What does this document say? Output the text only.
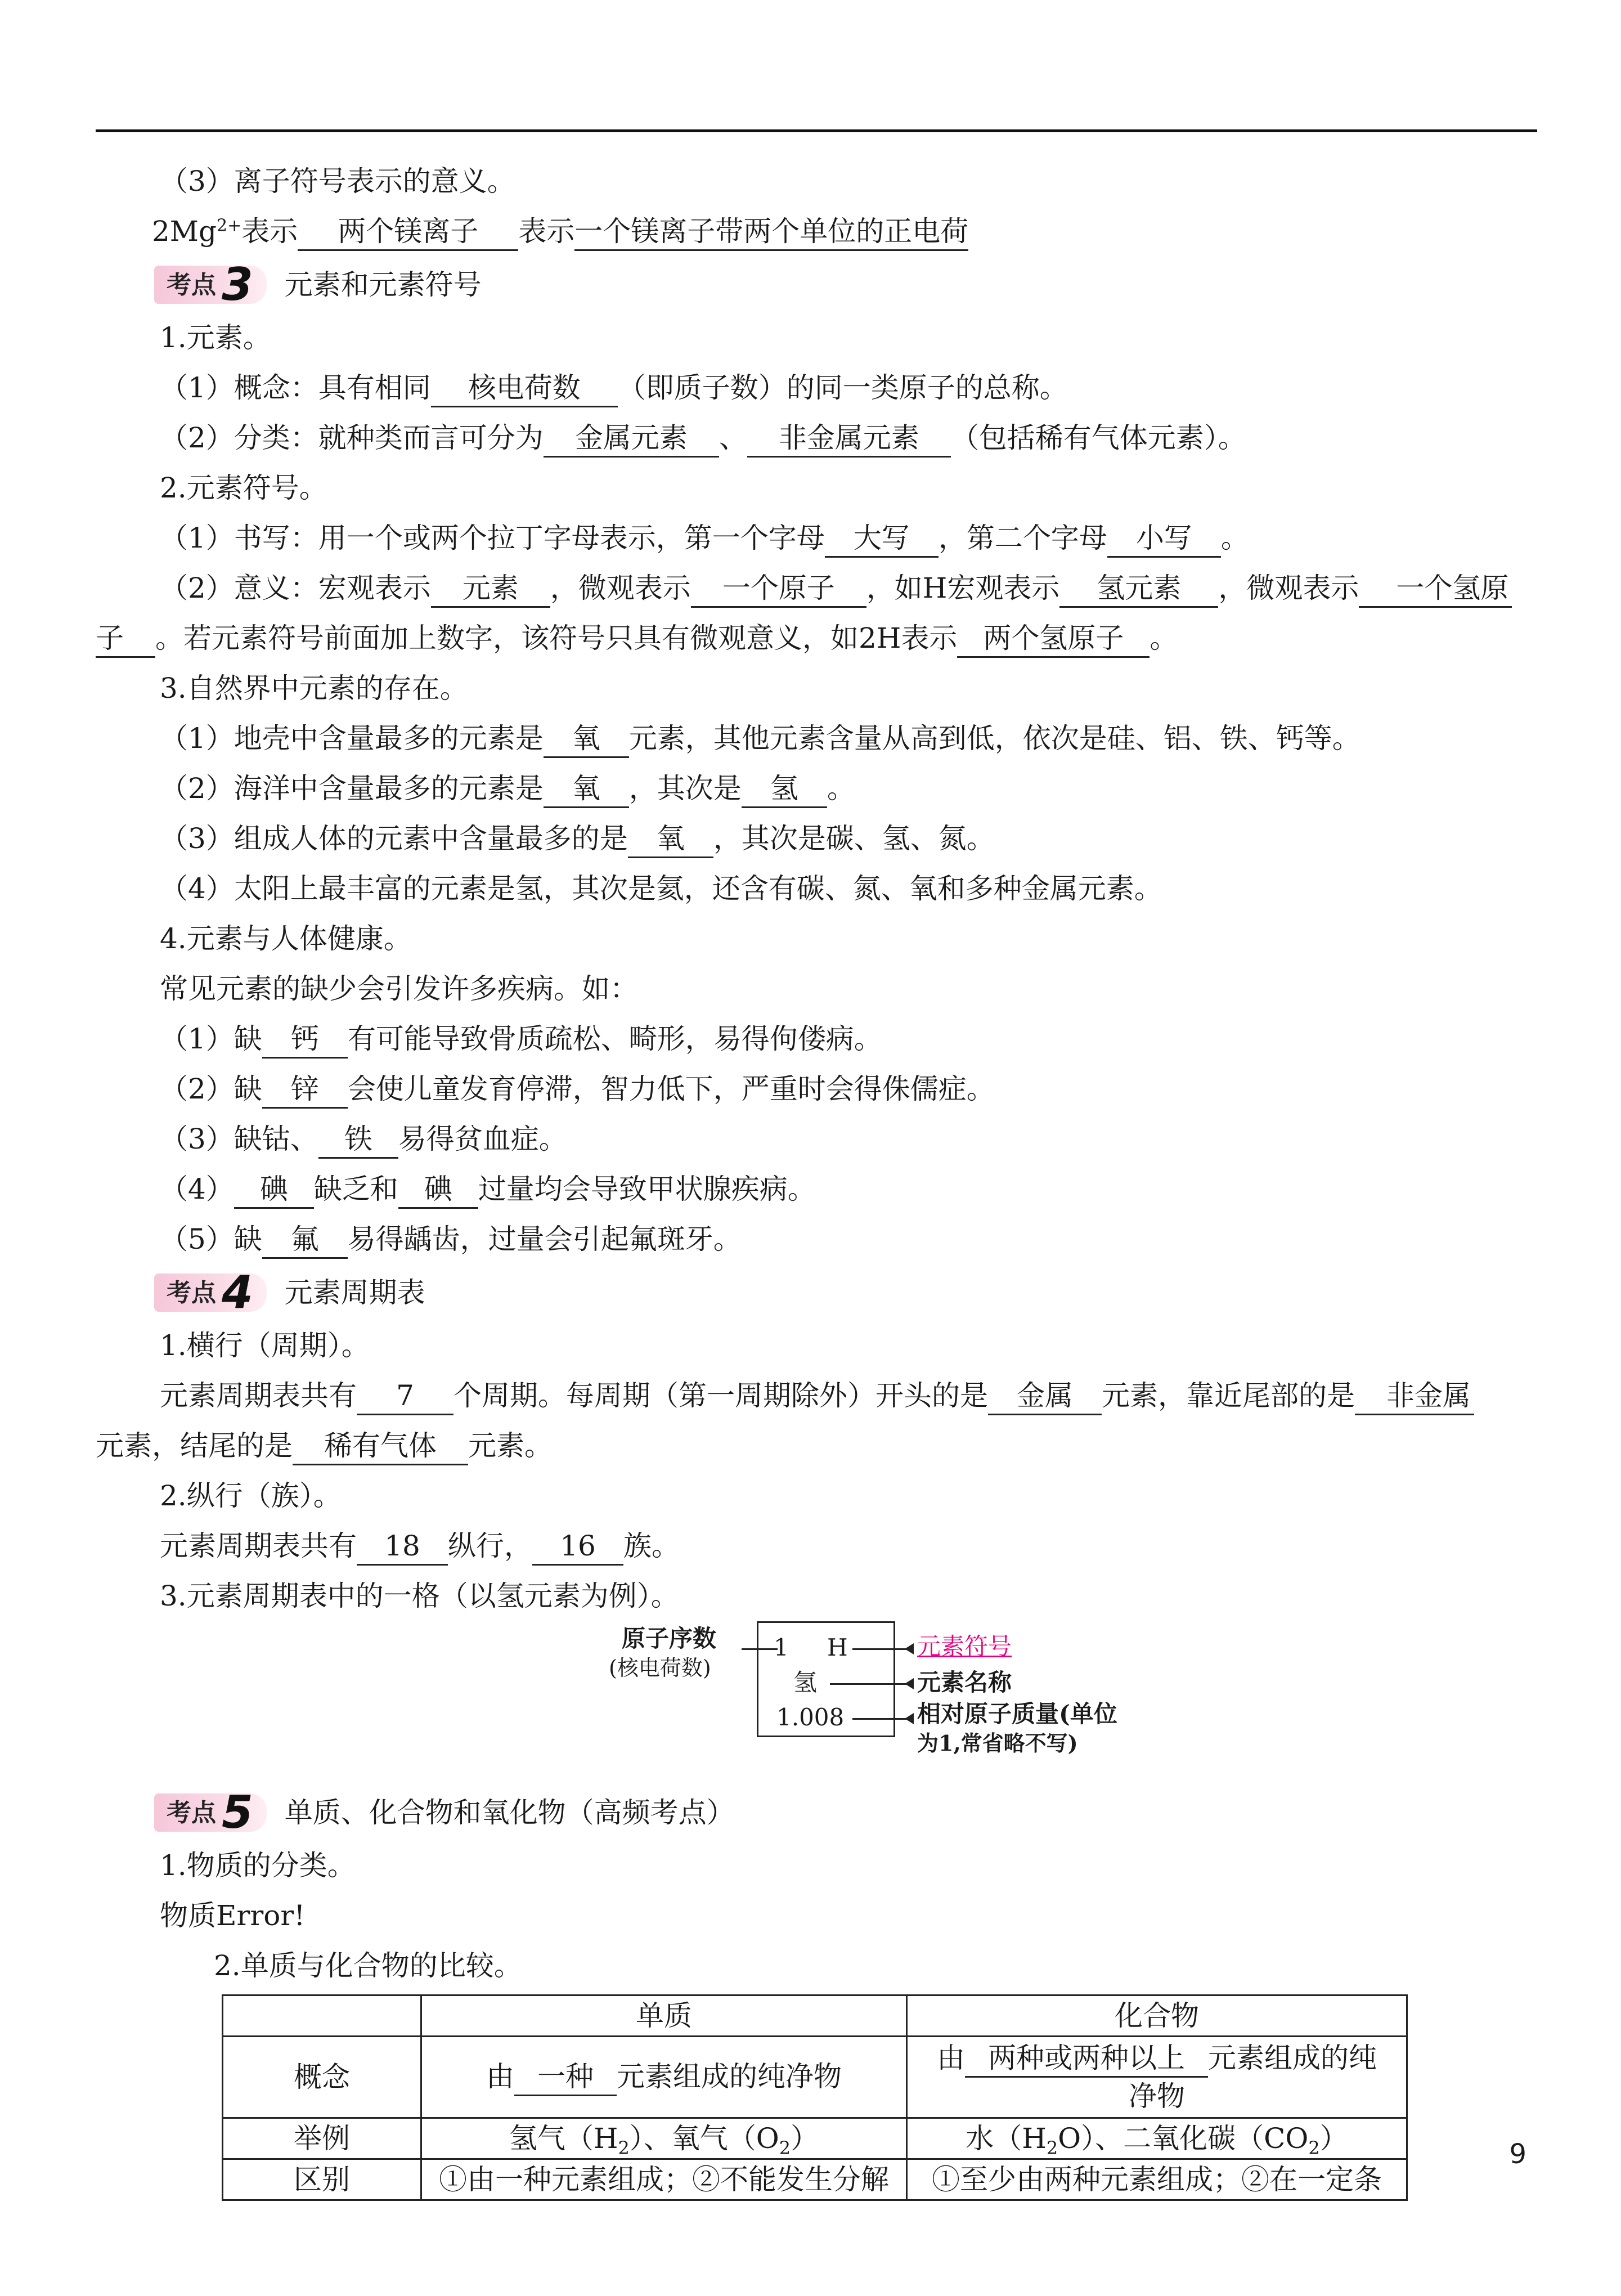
（3）离子符号表示的意义。
$2Mg^{2+}$表示 两个镁离子 表示一个镁离子带两个单位的正电荷
考点 3 元素和元素符号
1.元素。
（1）概念：具有相同 核电荷数 （即质子数）的同一类原子的总称。
（2）分类：就种类而言可分为 金属元素 、 非金属元素 （包括稀有气体元素）。
2.元素符号。
（1）书写：用一个或两个拉丁字母表示，第一个字母 大写 ，第二个字母 小写 。
（2）意义：宏观表示 元素 ，微观表示 一个原子 ，如H宏观表示 氢元素 ，微观表示 一个氢原
子 。若元素符号前面加上数字，该符号只具有微观意义，如2H表示 两个氢原子 。
3.自然界中元素的存在。
（1）地壳中含量最多的元素是 氧 元素，其他元素含量从高到低，依次是硅、铝、铁、钙等。
（2）海洋中含量最多的元素是 氧 ，其次是 氢 。
（3）组成人体的元素中含量最多的是 氧 ，其次是碳、氢、氮。
（4）太阳上最丰富的元素是氢，其次是氦，还含有碳、氮、氧和多种金属元素。
4.元素与人体健康。
常见元素的缺少会引发许多疾病。如：
（1）缺 钙 有可能导致骨质疏松、畸形，易得佝偻病。
（2）缺 锌 会使儿童发育停滞，智力低下，严重时会得侏儒症。
（3）缺钴、 铁 易得贫血症。
（4） 碘 缺乏和 碘 过量均会导致甲状腺疾病。
（5）缺 氟 易得龋齿，过量会引起氟斑牙。
考点 4 元素周期表
1.横行（周期）。
元素周期表共有 7 个周期。每周期（第一周期除外）开头的是 金属 元素，靠近尾部的是 非金属
元素，结尾的是 稀有气体 元素。
2.纵行（族）。
元素周期表共有 18 纵行， 16 族。
3.元素周期表中的一格（以氢元素为例）。
原子序数
(核电荷数)
1 H
氢
1.008
元素符号
元素名称
相对原子质量(单位
为1,常省略不写)
考点 5 单质、化合物和氧化物（高频考点）
1.物质的分类。
物质Error!
2.单质与化合物的比较。
	单质	化合物
概念	由 一种 元素组成的纯净物	由 两种或两种以上 元素组成的纯
净物
举例	氢气$(H_2)$、氧气$(O_2)$	水$(H_2O)$、二氧化碳$(CO_2)$
区别	①由一种元素组成；②不能发生分解	①至少由两种元素组成；②在一定条
9
